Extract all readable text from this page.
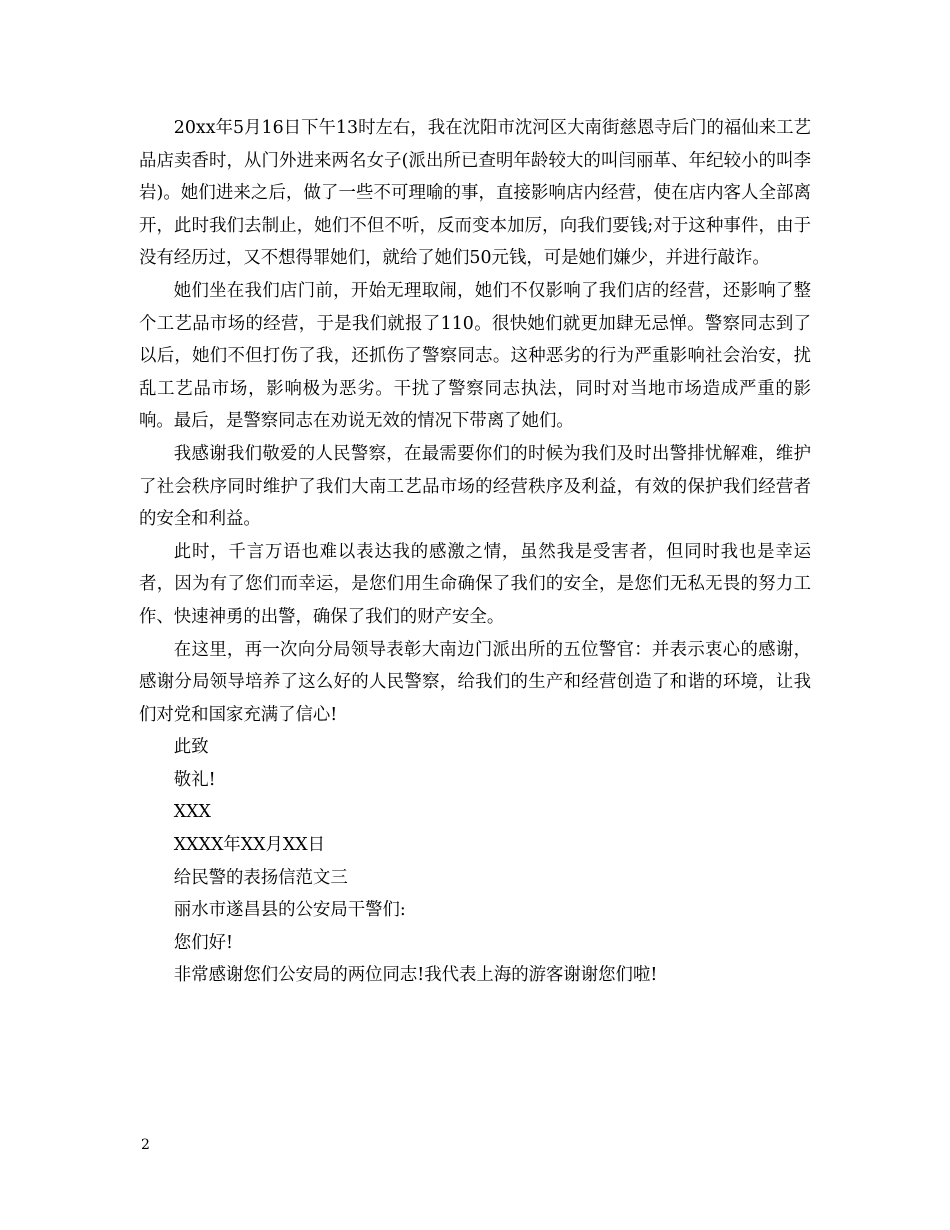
20xx年5月16日下午13时左右，我在沈阳市沈河区大南街慈恩寺后门的福仙来工艺品店卖香时，从门外进来两名女子(派出所已查明年龄较大的叫闫丽革、年纪较小的叫李岩)。她们进来之后，做了一些不可理喻的事，直接影响店内经营，使在店内客人全部离开，此时我们去制止，她们不但不听，反而变本加厉，向我们要钱;对于这种事件，由于没有经历过，又不想得罪她们，就给了她们50元钱，可是她们嫌少，并进行敲诈。

她们坐在我们店门前，开始无理取闹，她们不仅影响了我们店的经营，还影响了整个工艺品市场的经营，于是我们就报了110。很快她们就更加肆无忌惮。警察同志到了以后，她们不但打伤了我，还抓伤了警察同志。这种恶劣的行为严重影响社会治安，扰乱工艺品市场，影响极为恶劣。干扰了警察同志执法，同时对当地市场造成严重的影响。最后，是警察同志在劝说无效的情况下带离了她们。

我感谢我们敬爱的人民警察，在最需要你们的时候为我们及时出警排忧解难，维护了社会秩序同时维护了我们大南工艺品市场的经营秩序及利益，有效的保护我们经营者的安全和利益。

此时，千言万语也难以表达我的感激之情，虽然我是受害者，但同时我也是幸运者，因为有了您们而幸运，是您们用生命确保了我们的安全，是您们无私无畏的努力工作、快速神勇的出警，确保了我们的财产安全。

在这里，再一次向分局领导表彰大南边门派出所的五位警官：并表示衷心的感谢，感谢分局领导培养了这么好的人民警察，给我们的生产和经营创造了和谐的环境，让我们对党和国家充满了信心!

此致

敬礼!

XXX

XXXX年XX月XX日

给民警的表扬信范文三

丽水市遂昌县的公安局干警们:

您们好!

非常感谢您们公安局的两位同志!我代表上海的游客谢谢您们啦!

2
